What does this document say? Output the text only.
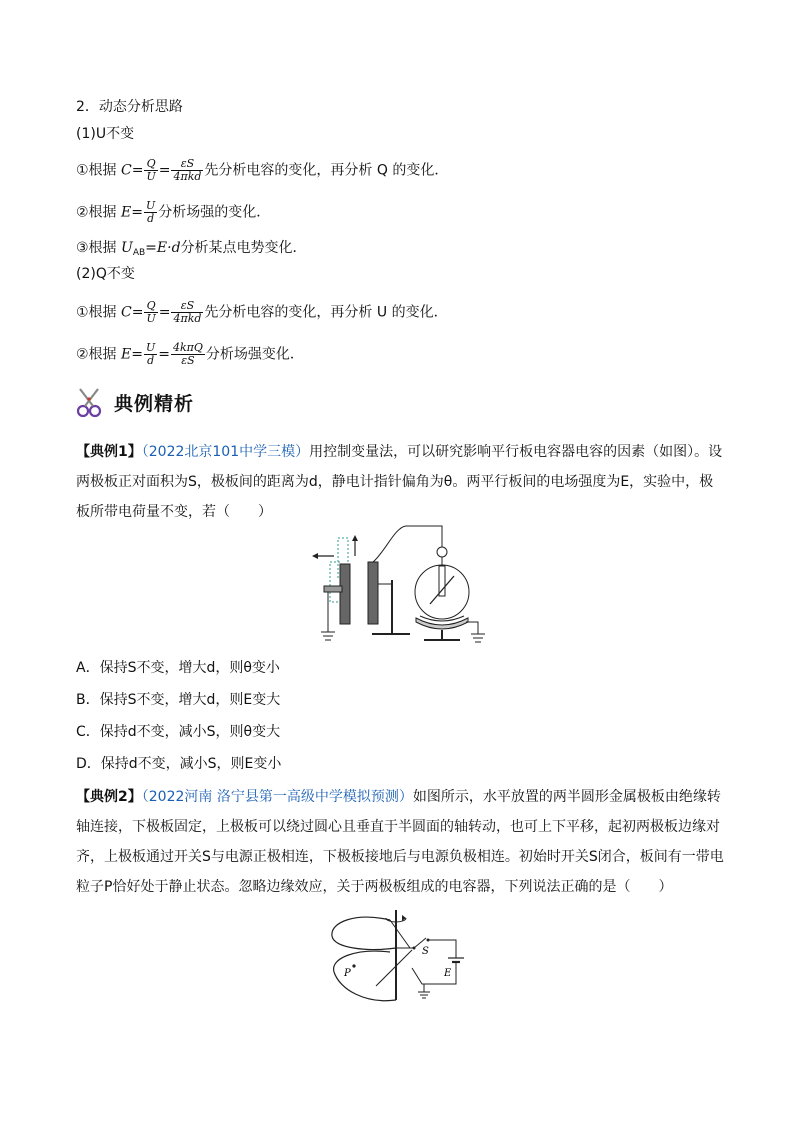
2．动态分析思路
(1)U不变
①根据 $C= \frac{Q}{U} = \frac{\varepsilon S}{\text{4πkd}}$ 先分析电容的变化，再分析 Q 的变化．
②根据 $E= \frac{U}{d}$ 分析场强的变化．
③根据 $U_{AB}=E\cdot d$分析某点电势变化．
(2)Q不变
①根据 $C= \frac{Q}{U} = \frac{\varepsilon S}{\text{4πkd}}$ 先分析电容的变化，再分析 U 的变化．
②根据 $E= \frac{U}{d} = \frac{\text{4kπQ}}{\varepsilon S}$ 分析场强变化．
典例精析
【典例1】（2022北京101中学三模）用控制变量法，可以研究影响平行板电容器电容的因素（如图）。设两极板正对面积为S，极板间的距离为d，静电计指针偏角为θ。两平行板间的电场强度为E，实验中，极板所带电荷量不变，若（　　）
A．保持S不变，增大d，则θ变小
B．保持S不变，增大d，则E变大
C．保持d不变，减小S，则θ变大
D．保持d不变，减小S，则E变小
【典例2】（2022河南 洛宁县第一高级中学模拟预测）如图所示，水平放置的两半圆形金属极板由绝缘转轴连接，下极板固定，上极板可以绕过圆心且垂直于半圆面的轴转动，也可上下平移，起初两极板边缘对齐，上极板通过开关S与电源正极相连，下极板接地后与电源负极相连。初始时开关S闭合，板间有一带电粒子P恰好处于静止状态。忽略边缘效应，关于两极板组成的电容器，下列说法正确的是（　　）
P
S
E
